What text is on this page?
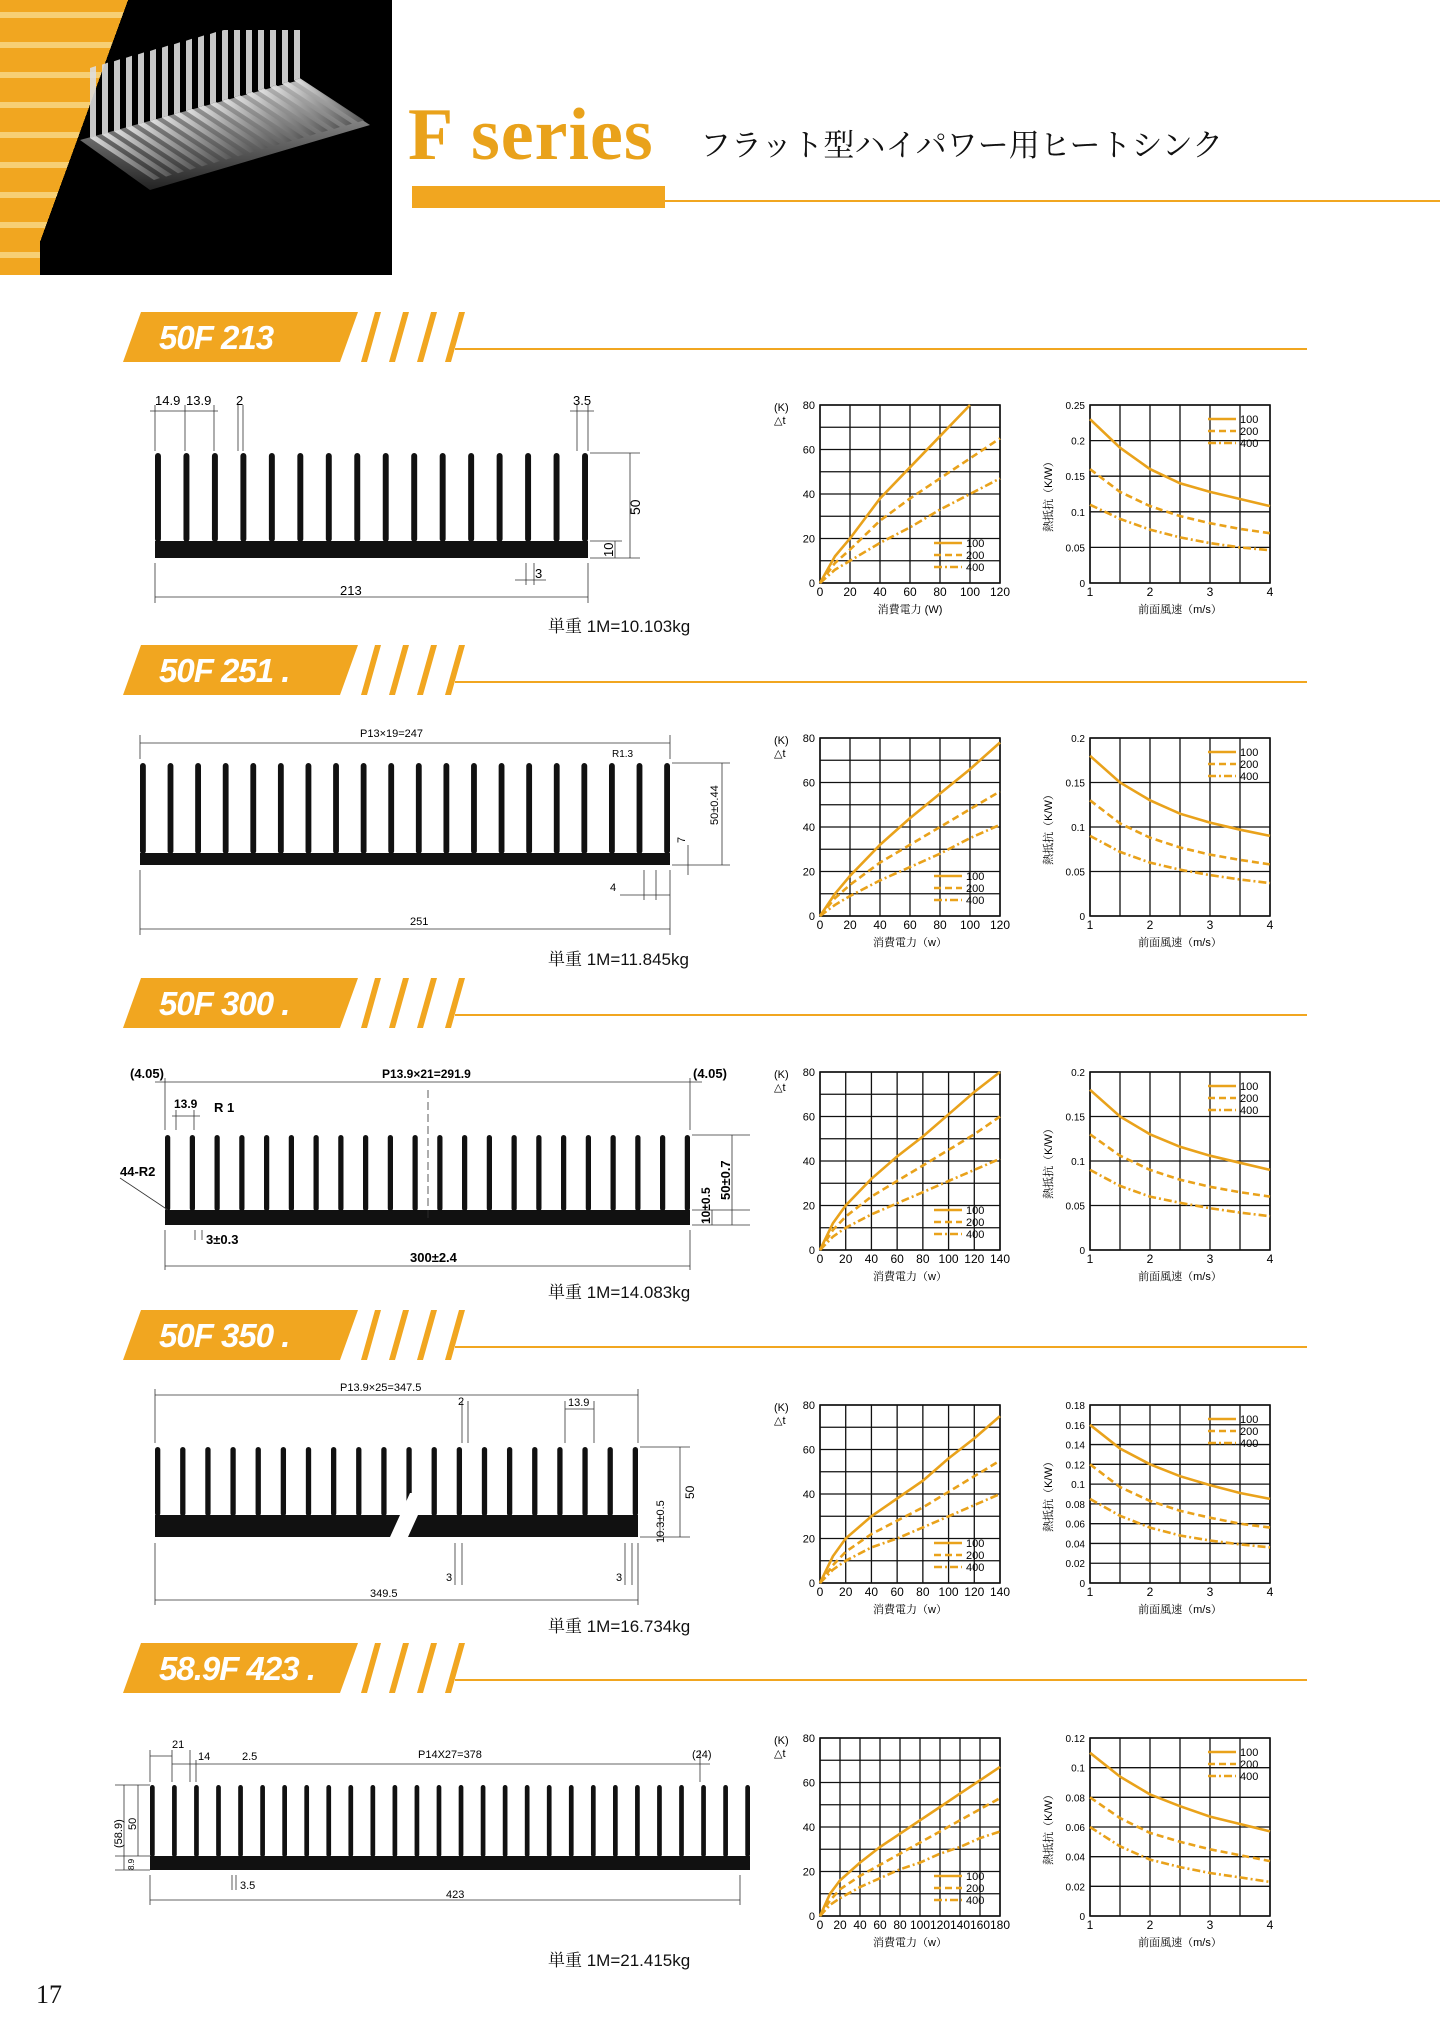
F series フラット型ハイパワー用ヒートシンク
50F 213
50F 251 .
50F 300 .
50F 350 .
58.9F 423 .
14.9 13.9 2	3.5
50
10
3
213
単重 1M=10.103kg
P13×19=247
R1.3
50±0.44
7
4
251
単重 1M=11.845kg
(4.05)	P13.9×21=291.9	(4.05)
13.9 R 1
44-R2
3±0.3
300±2.4
10±0.5
50±0.7
単重 1M=14.083kg
P13.9×25=347.5
2	13.9
10.3±0.5
50
3	3
349.5
単重 1M=16.734kg
21
14	2.5	P14X27=378	(24)
(58.9) 50
8.9
3.5
423
単重 1M=21.415kg
0 20 40 60 80 100 120
0
20
40
60
80
消費電力 (W)
(K)
△t
100
200
400
1	2	3	4
0
0.05
0.1
0.15
0.2
0.25
前面風速（m/s）
熱抵抗（K/W）
100
200
400
0 20 40 60 80 100 120
0
20
40
60
80
消費電力（w）
(K)
△t
100
200
400
1	2	3	4
0
0.05
0.1
0.15
0.2
前面風速（m/s）
熱抵抗（K/W）
100
200
400
0 20 40 60 80 100 120 140
0
20
40
60
80
消費電力（w）
(K)
△t
100
200
400
1	2	3	4
0
0.05
0.1
0.15
0.2
前面風速（m/s）
熱抵抗（K/W）
100
200
400
0 20 40 60 80 100 120 140
0
20
40
60
80
消費電力（w）
(K)
△t
100
200
400
1	2	3	4
0
0.02
0.04
0.06
0.08
0.1
0.12
0.14
0.16
0.18
前面風速（m/s）
熱抵抗（K/W）
100
200
400
0 20 40 60 80 100 120 140 160 180
0
20
40
60
80
消費電力（w）
(K)
△t
100
200
400
1	2	3	4
0
0.02
0.04
0.06
0.08
0.1
0.12
前面風速（m/s）
熱抵抗（K/W）
100
200
400
17
